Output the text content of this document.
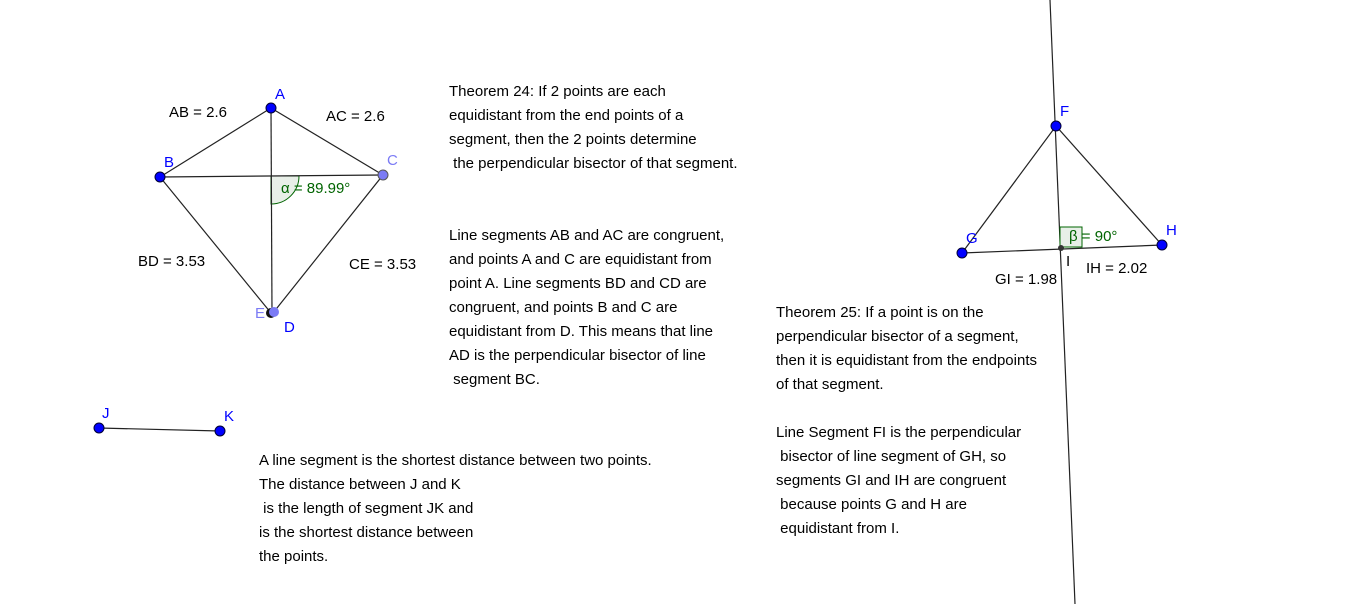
A
B	C
D
E
AB = 2.6	AC = 2.6
BD = 3.53	CE = 3.53
α = 89.99°
J	K
F
G	H
I
β = 90°
GI = 1.98
IH = 2.02
Theorem 24: If 2 points are each
equidistant from the end points of a
segment, then the 2 points determine
the perpendicular bisector of that segment.
Line segments AB and AC are congruent,
and points A and C are equidistant from
point A. Line segments BD and CD are
congruent, and points B and C are
equidistant from D. This means that line
AD is the perpendicular bisector of line
segment BC.
A line segment is the shortest distance between two points.
The distance between J and K
is the length of segment JK and
is the shortest distance between
the points.
Theorem 25: If a point is on the
perpendicular bisector of a segment,
then it is equidistant from the endpoints
of that segment.
Line Segment FI is the perpendicular
bisector of line segment of GH, so
segments GI and IH are congruent
because points G and H are
equidistant from I.
